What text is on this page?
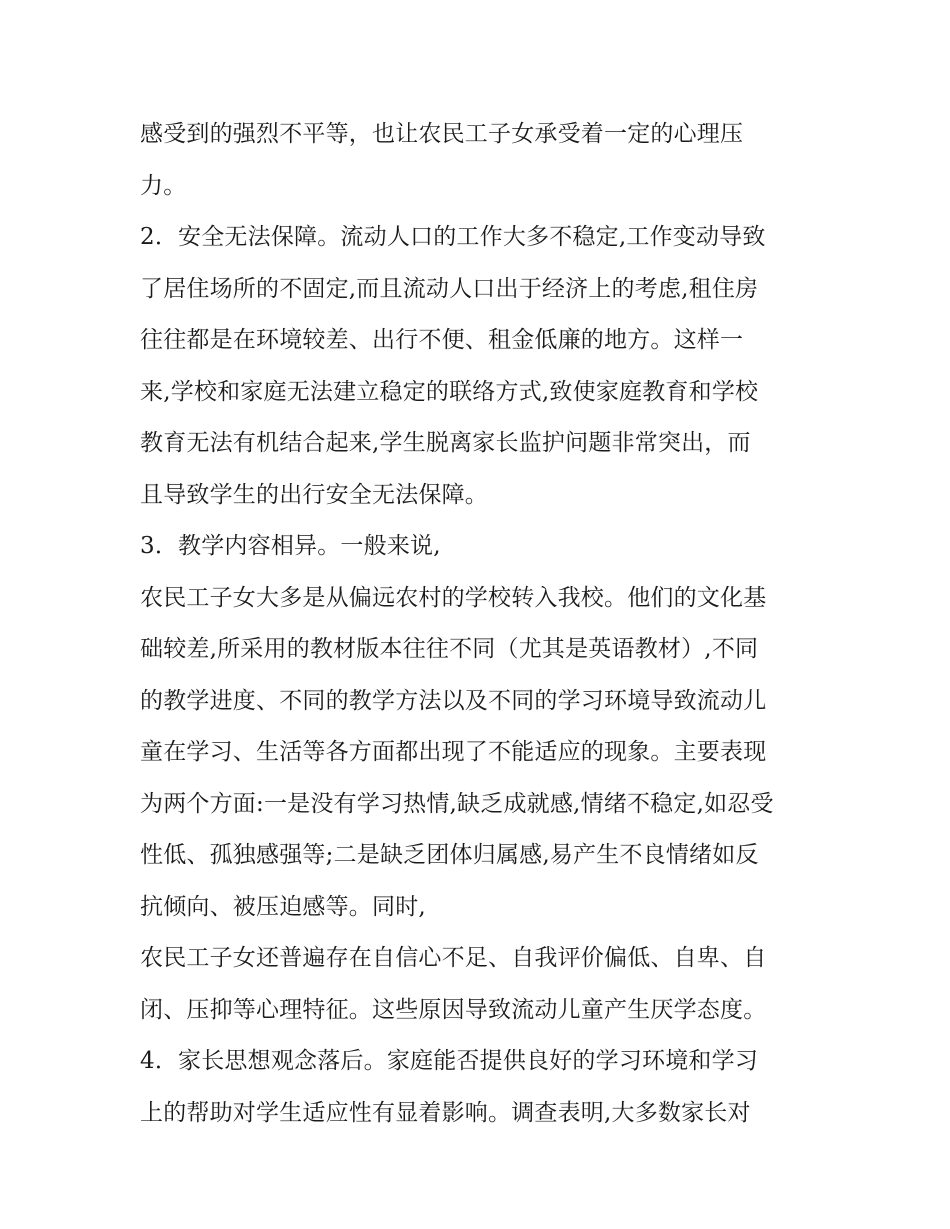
感受到的强烈不平等，也让农民工子女承受着一定的心理压
力。
2．安全无法保障。流动人口的工作大多不稳定,工作变动导致
了居住场所的不固定,而且流动人口出于经济上的考虑,租住房
往往都是在环境较差、出行不便、租金低廉的地方。这样一
来,学校和家庭无法建立稳定的联络方式,致使家庭教育和学校
教育无法有机结合起来,学生脱离家长监护问题非常突出，而
且导致学生的出行安全无法保障。
3．教学内容相异。一般来说,
农民工子女大多是从偏远农村的学校转入我校。他们的文化基
础较差,所采用的教材版本往往不同（尤其是英语教材）,不同
的教学进度、不同的教学方法以及不同的学习环境导致流动儿
童在学习、生活等各方面都出现了不能适应的现象。主要表现
为两个方面:一是没有学习热情,缺乏成就感,情绪不稳定,如忍受
性低、孤独感强等;二是缺乏团体归属感,易产生不良情绪如反
抗倾向、被压迫感等。同时,
农民工子女还普遍存在自信心不足、自我评价偏低、自卑、自
闭、压抑等心理特征。这些原因导致流动儿童产生厌学态度。
4．家长思想观念落后。家庭能否提供良好的学习环境和学习
上的帮助对学生适应性有显着影响。调查表明,大多数家长对
